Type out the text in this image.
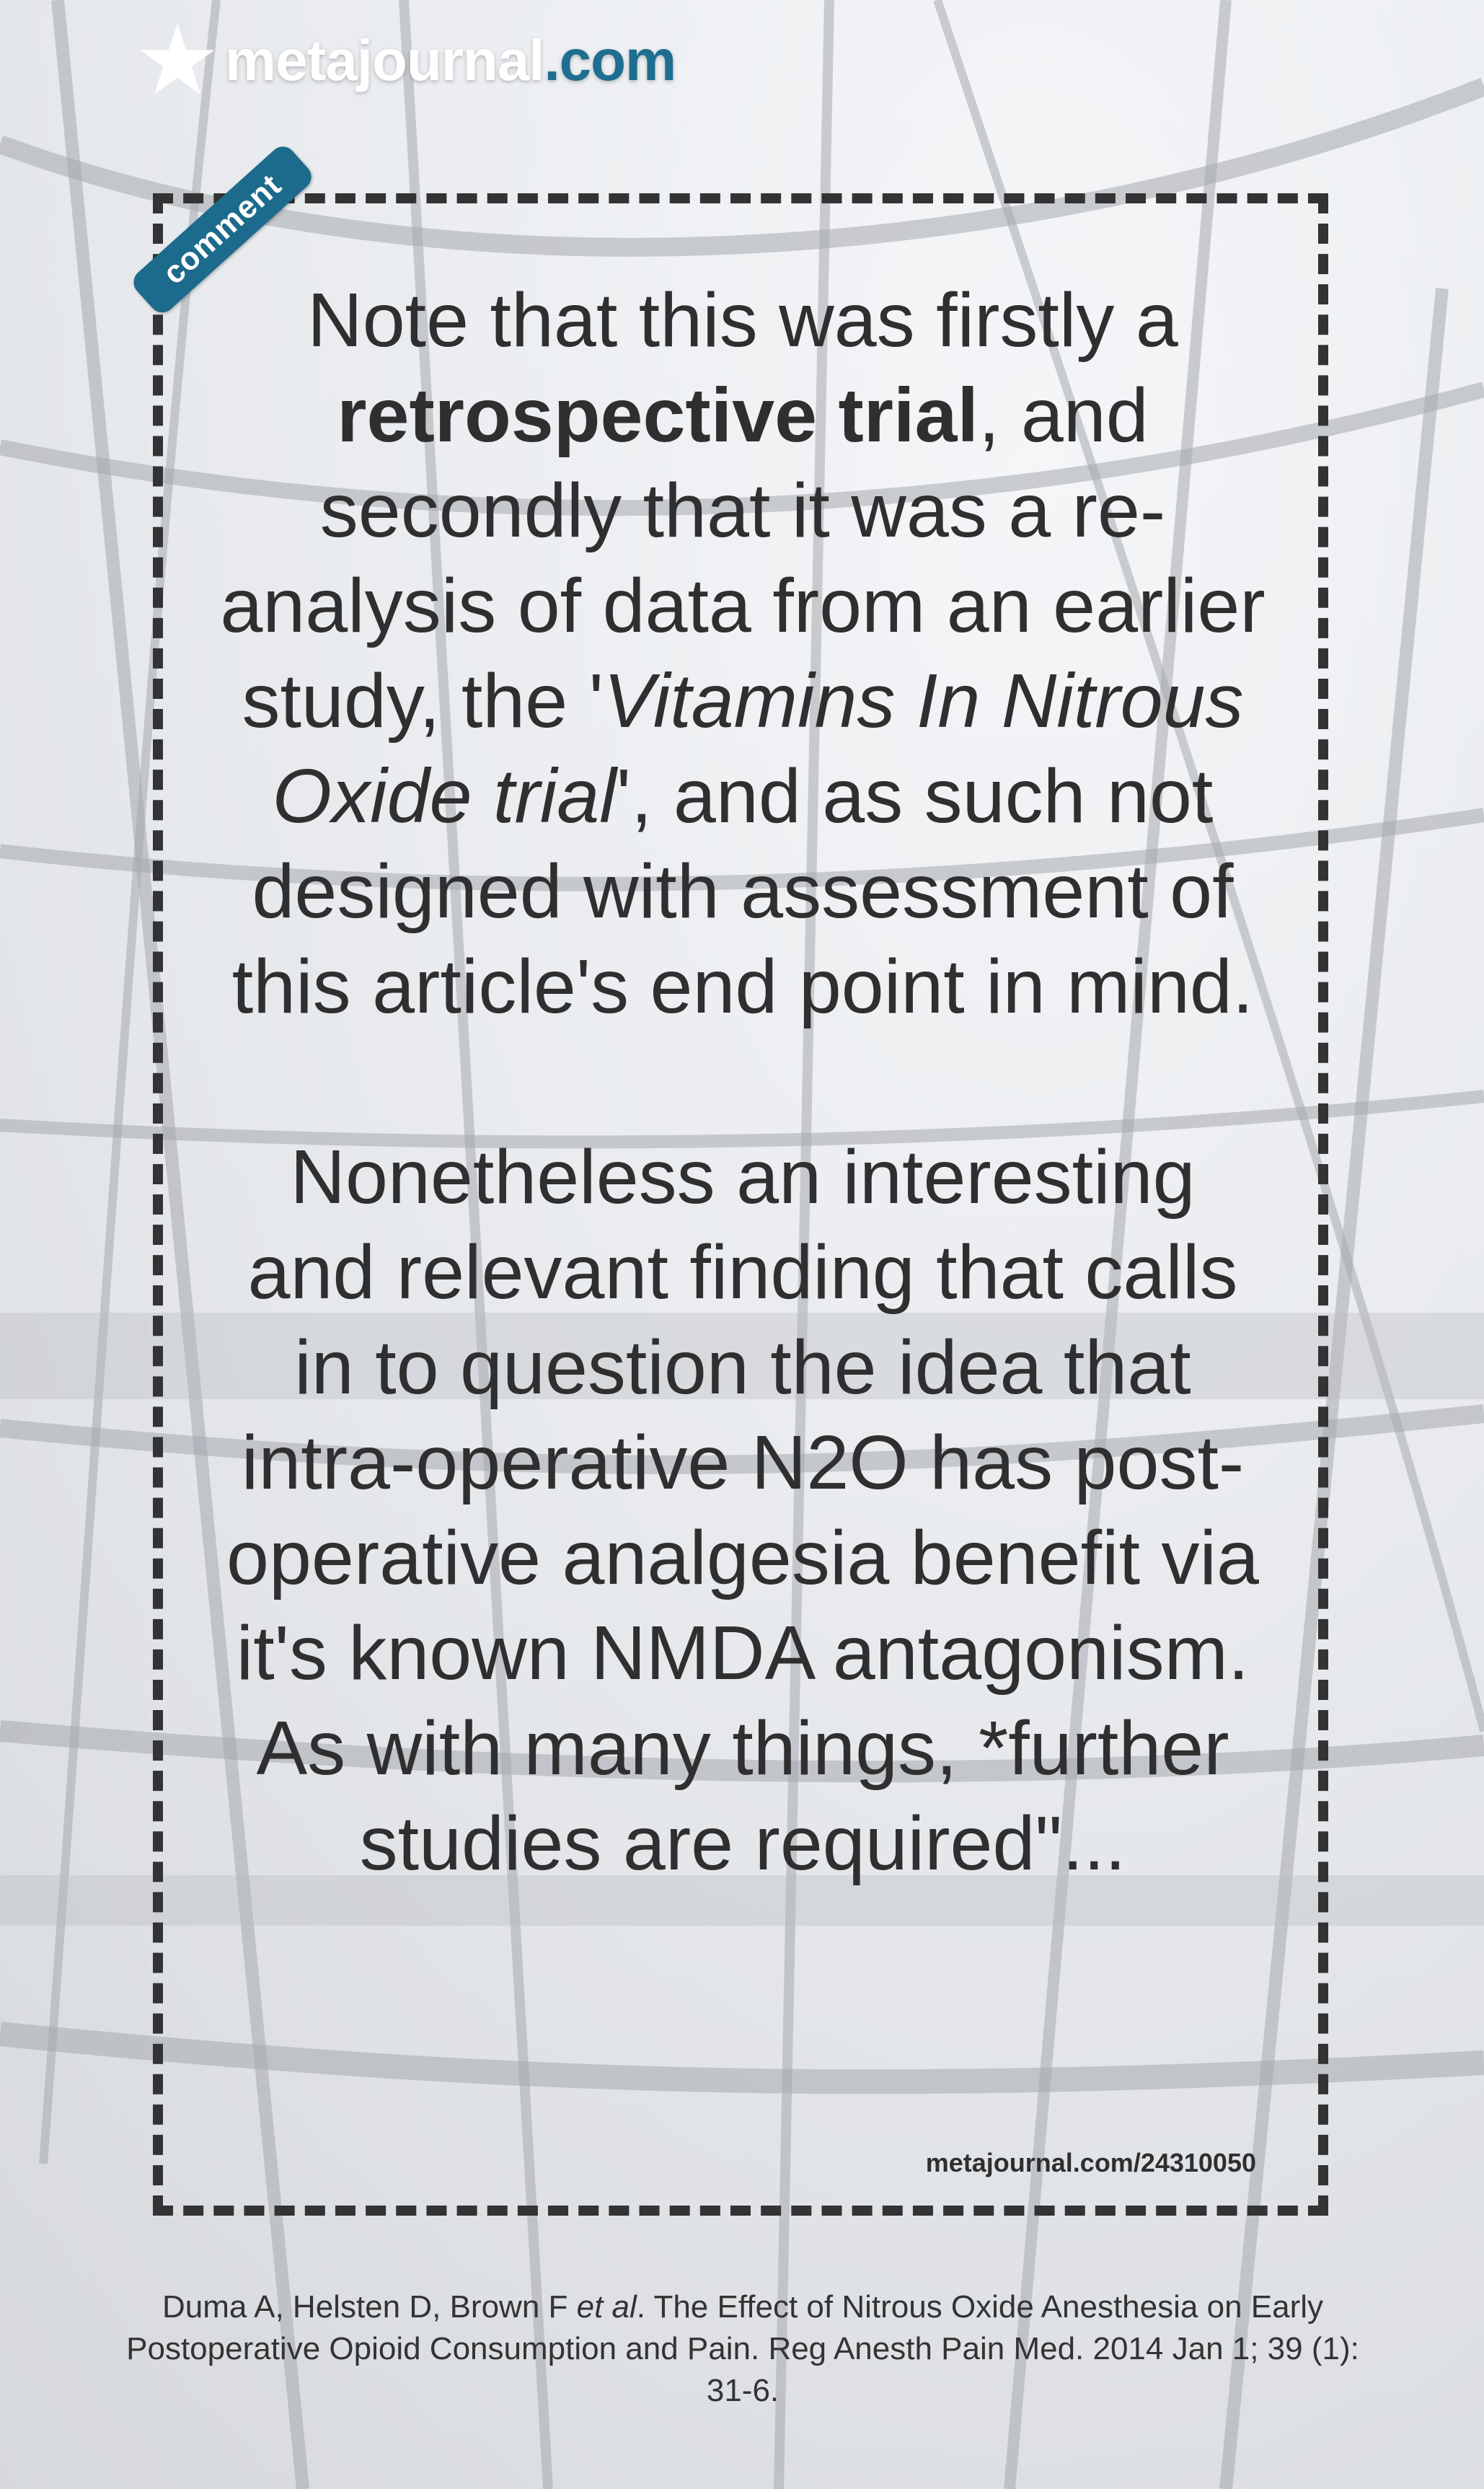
metajournal.com
comment

Note that this was firstly a retrospective trial, and secondly that it was a re-analysis of data from an earlier study, the 'Vitamins In Nitrous Oxide trial', and as such not designed with assessment of this article's end point in mind.

Nonetheless an interesting and relevant finding that calls in to question the idea that intra-operative N2O has post-operative analgesia benefit via it's known NMDA antagonism. As with many things, *further studies are required"...

metajournal.com/24310050
Duma A, Helsten D, Brown F et al. The Effect of Nitrous Oxide Anesthesia on Early Postoperative Opioid Consumption and Pain. Reg Anesth Pain Med. 2014 Jan 1; 39 (1): 31-6.
